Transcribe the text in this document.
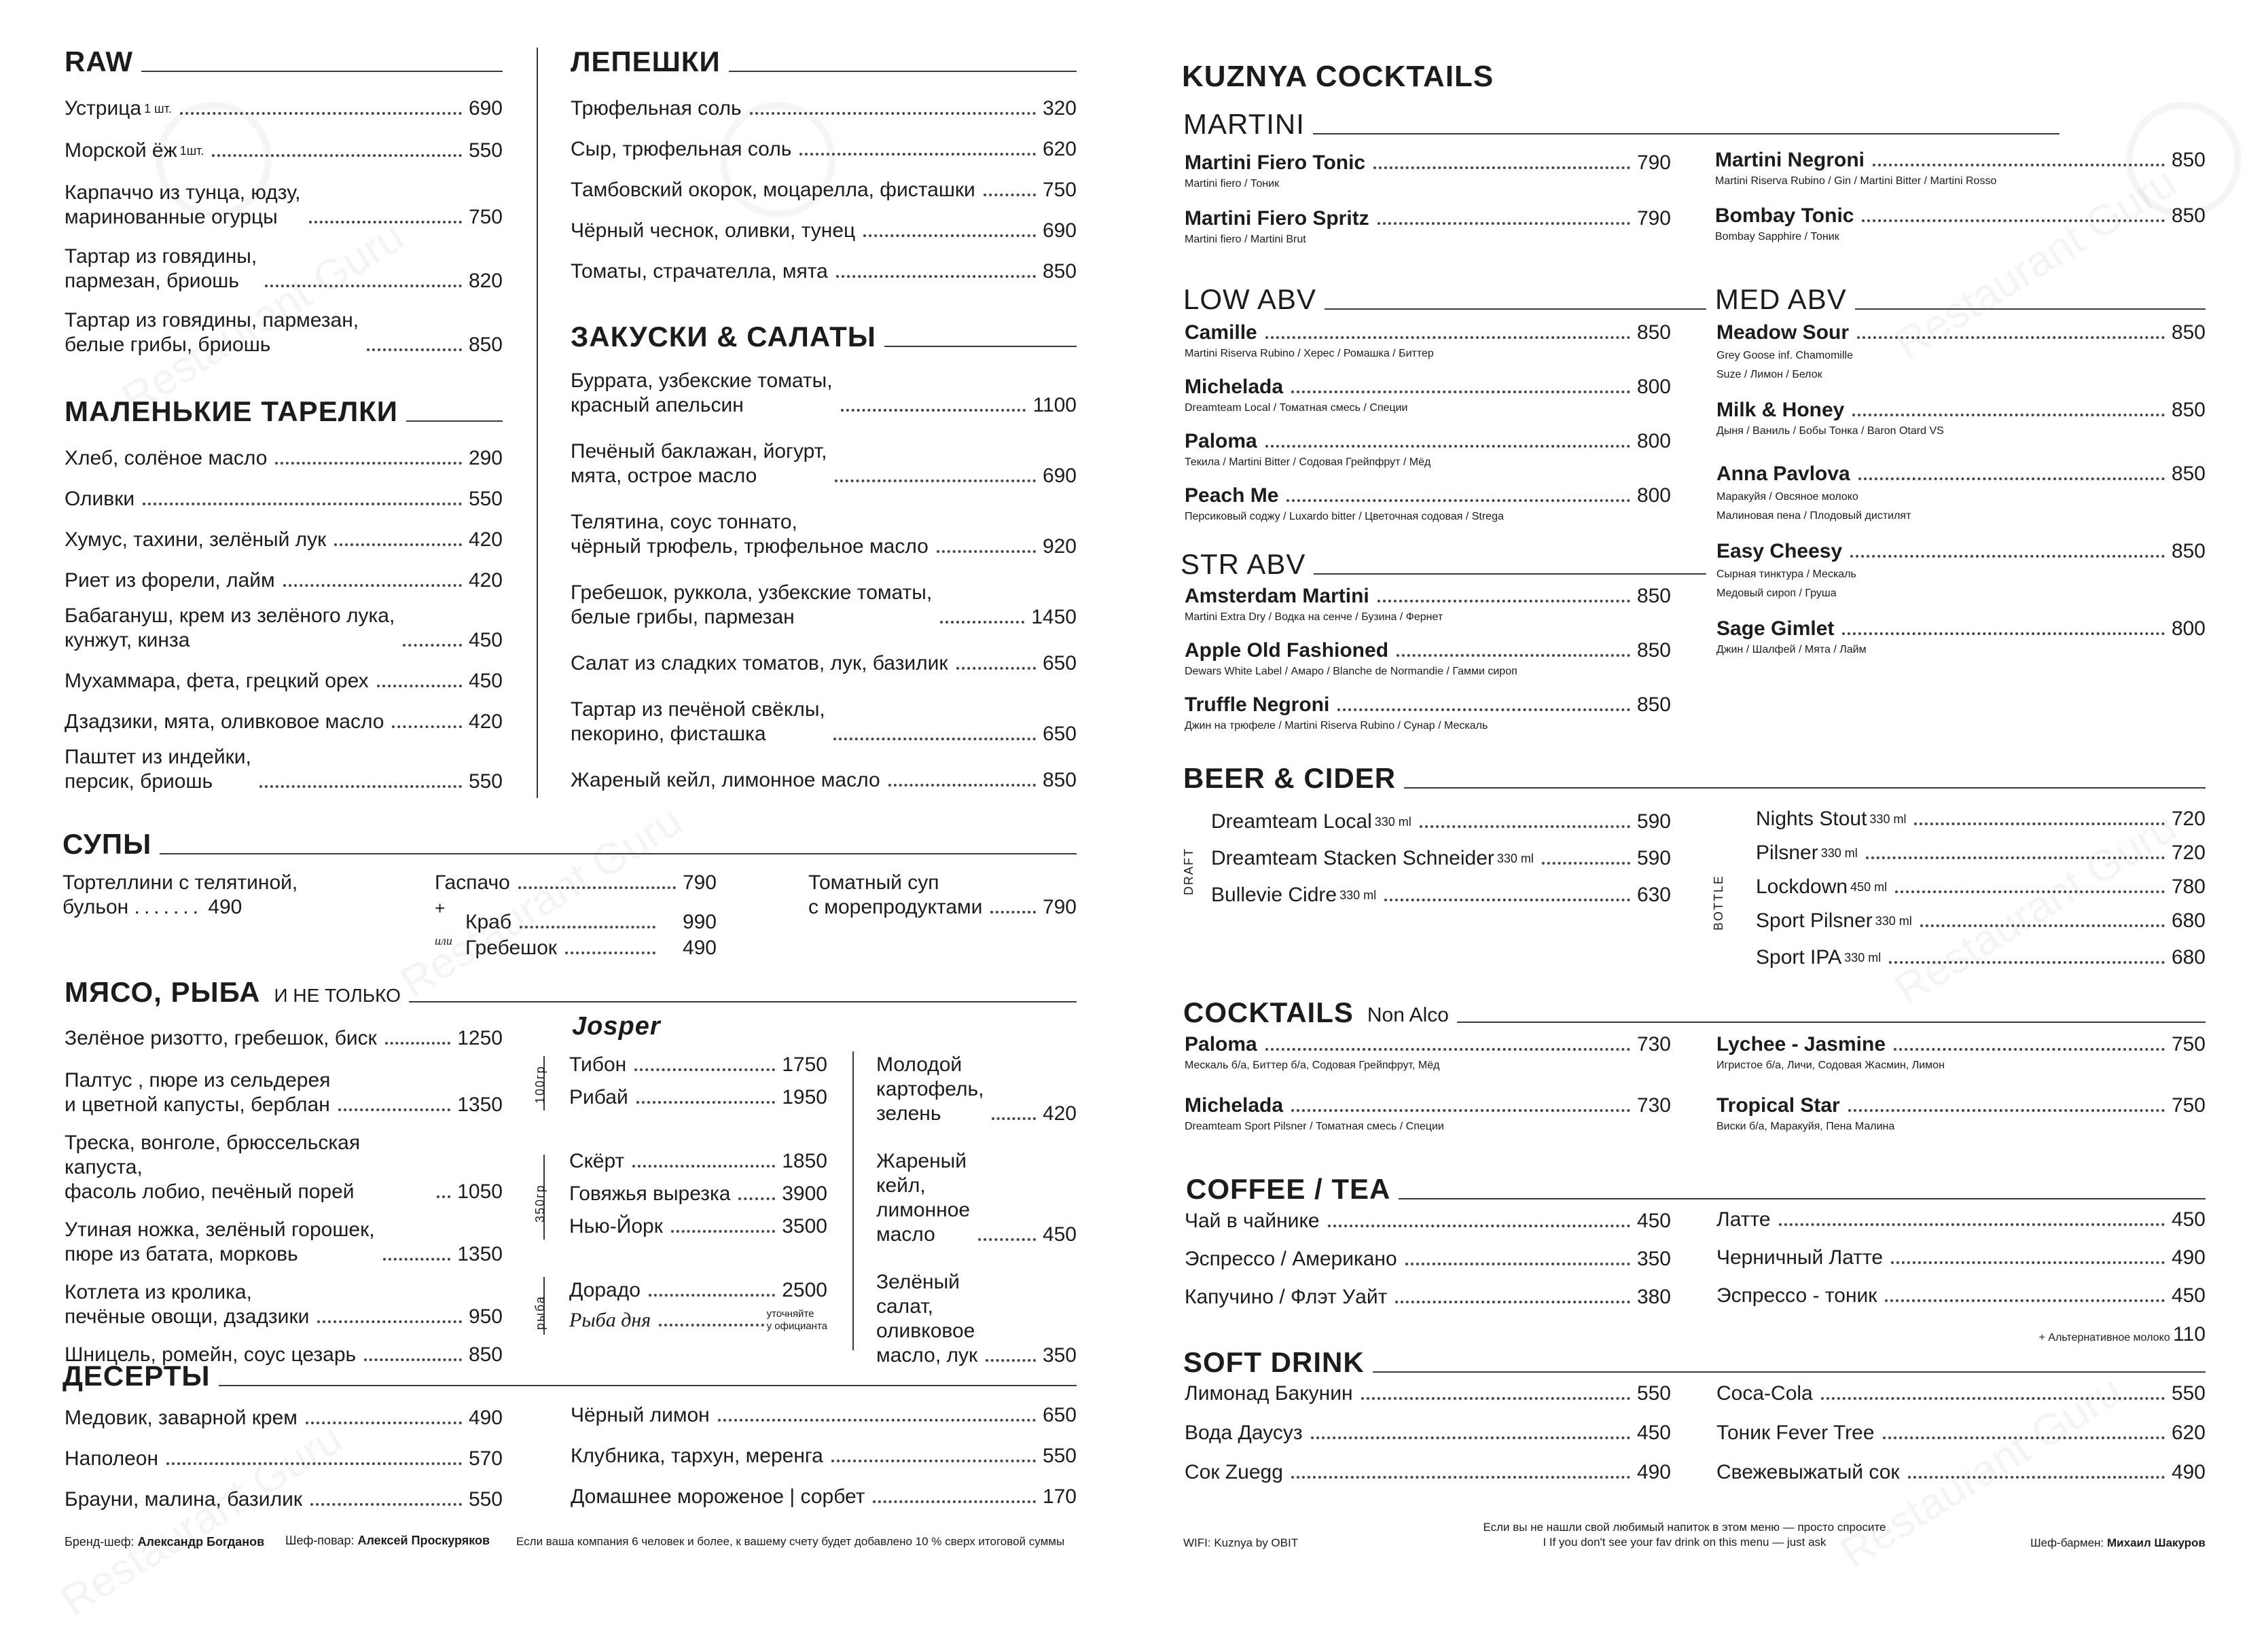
RAW
Устрица 1 шт.	690
Морской ёж 1шт.	550
Карпаччо из тунца, юдзу,
маринованные огурцы	750
Тартар из говядины,
пармезан, бриошь	820
Тартар из говядины, пармезан,
белые грибы, бриошь	850
МАЛЕНЬКИЕ ТАРЕЛКИ
Хлеб, солёное масло	290
Оливки	550
Хумус, тахини, зелёный лук	420
Риет из форели, лайм	420
Бабагануш, крем из зелёного лука,
кунжут, кинза	450
Мухаммара, фета, грецкий орех	450
Дзадзики, мята, оливковое масло	420
Паштет из индейки,
персик, бриошь	550
ЛЕПЕШКИ
Трюфельная соль	320
Сыр, трюфельная соль	620
Тамбовский окорок, моцарелла, фисташки	750
Чёрный чеснок, оливки, тунец	690
Томаты, страчателла, мята	850
ЗАКУСКИ & САЛАТЫ
Буррата, узбекские томаты,
красный апельсин	1100
Печёный баклажан, йогурт,
мята, острое масло	690
Телятина, соус тоннато,
чёрный трюфель, трюфельное масло	920
Гребешок, руккола, узбекские томаты,
белые грибы, пармезан	1450
Салат из сладких томатов, лук, базилик	650
Тартар из печёной свёклы,
пекорино, фисташка	650
Жареный кейл, лимонное масло	850
СУПЫ
Тортеллини с телятиной,
бульон ....... 490
Гаспачо	790
+
или
Краб	990
Гребешок	490
Томатный суп
с морепродуктами	790
МЯСО, РЫБА И НЕ ТОЛЬКО
Зелёное ризотто, гребешок, биск	1250
Палтус , пюре из сельдерея
и цветной капусты, бербл​ан	1350
Треска, вонголе, брюссельская капуста,
фасоль лобио, печёный порей	1050
Утиная ножка, зелёный горошек,
пюре из батата, морковь	1350
Котлета из кролика,
печёные овощи, дзадзики	950
Шницель, ромейн, соус цезарь	850
Josper
100гр
350гр
рыба
Тибон	1750
Рибай	1950
Скёрт	1850
Говяжья вырезка	3900
Нью-Йорк	3500
Дорадо	2500
Рыба дня	уточняйте
у официанта
Молодой
картофель,
зелень	420
Жареный
кейл,
лимонное
масло	450
Зелёный
салат,
оливковое
масло, лук	350
ДЕСЕРТЫ
Медовик, заварной крем	490
Наполеон	570
Брауни, малина, базилик	550
Чёрный лимон	650
Клубника, тархун, меренга	550
Домашнее мороженое | сорбет	170
Бренд-шеф: Александр Богданов Шеф-повар: Алексей Проскуряков Если ваша компания 6 человек и более, к вашему счету будет добавлено 10 % сверх итоговой суммы
KUZNYA COCKTAILS
MARTINI
Martini Fiero Tonic	790
Martini fiero / Тоник
Martini Fiero Spritz	790
Martini fiero / Martini Brut
Martini Negroni	850
Martini Riserva Rubino / Gin / Martini Bitter / Martini Rosso
Bombay Tonic	850
Bombay Sapphire / Тоник
LOW ABV
Camille	850
Martini Riserva Rubino / Херес / Ромашка / Биттер
Michelada	800
Dreamteam Local / Томатная смесь / Специи
Paloma	800
Текила / Martini Bitter / Содовая Грейпфрут / Мёд
Peach Me	800
Персиковый соджу / Luxardo bitter / Цветочная содовая / Strega
STR ABV
Amsterdam Martini	850
Martini Extra Dry / Водка на сенче / Бузина / Фернет
Apple Old Fashioned	850
Dewars White Label / Амаро / Blanche de Normandie / Гамми сироп
Truffle Negroni	850
Джин на трюфеле / Martini Riserva Rubino / Сунар / Мескаль
MED ABV
Meadow Sour	850
Grey Goose inf. Chamomille
Suze / Лимон / Белок
Milk & Honey	850
Дыня / Ваниль / Бобы Тонка / Baron Otard VS
Anna Pavlova	850
Маракуйя / Овсяное молоко
Малиновая пена / Плодовый дистилят
Easy Cheesy	850
Сырная тинктура / Мескаль
Медовый сироп / Груша
Sage Gimlet	800
Джин / Шалфей / Мята / Лайм
BEER & CIDER
DRAFT
BOTTLE
Dreamteam Local 330 ml	590
Dreamteam Stacken Schneider 330 ml	590
Bullevie Cidre 330 ml	630
Nights Stout 330 ml	720
Pilsner 330 ml	720
Lockdown 450 ml	780
Sport Pilsner 330 ml	680
Sport IPA 330 ml	680
COCKTAILS Non Alco
Paloma	730
Мескаль б/а, Биттер б/а, Содовая Грейпфрут, Мёд
Michelada	730
Dreamteam Sport Pilsner / Томатная смесь / Специи
Lychee - Jasmine	750
Игристое б/а, Личи, Содовая Жасмин, Лимон
Tropical Star	750
Виски б/а, Маракуйя, Пена Малина
COFFEE / TEA
Чай в чайнике	450
Эспрессо / Американо	350
Капучино / Флэт Уайт	380
Латте	450
Черничный Латте	490
Эспрессо - тоник	450
+ Альтернативное молоко 110
SOFT DRINK
Лимонад Бакунин	550
Вода Даусуз	450
Сок Zuegg	490
Coca-Cola	550
Тоник Fever Tree	620
Свежевыжатый сок	490
WIFI: Kuznya by OBIT
Если вы не нашли свой любимый напиток в этом меню — просто спросите
I If you don't see your fav drink on this menu — just ask	Шеф-бармен: Михаил Шакуров
